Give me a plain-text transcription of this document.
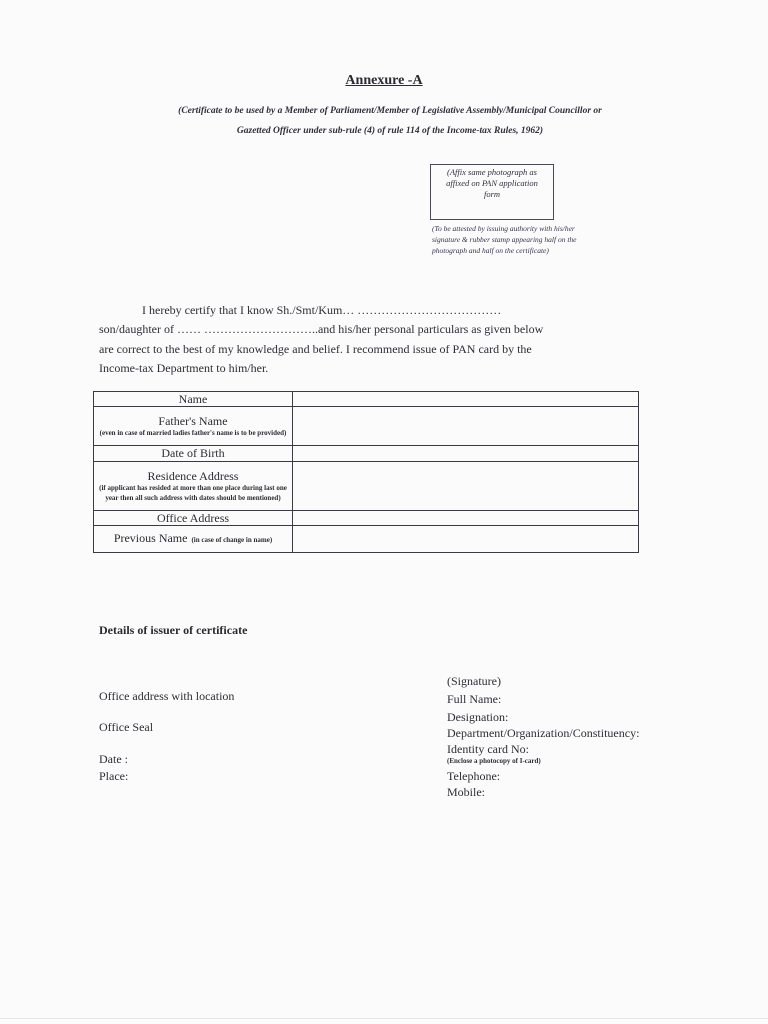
Annexure -A
(Certificate to be used by a Member of Parliament/Member of Legislative Assembly/Municipal Councillor or
Gazetted Officer under sub-rule (4) of rule 114 of the Income-tax Rules, 1962)
(Affix same photograph as
affixed on PAN application
form
(To be attested by issuing authority with his/her
signature & rubber stamp appearing half on the
photograph and half on the certificate)
I hereby certify that I know Sh./Smt/Kum… ………………………………
son/daughter of …… ………………………..and his/her personal particulars as given below
are correct to the best of my knowledge and belief. I recommend issue of PAN card by the
Income-tax Department to him/her.
Name	

Father's Name
(even in case of married ladies father's name is to be provided)	

Date of Birth	

Residence Address
(if applicant has resided at more than one place during last one year then all such address with dates should be mentioned)	

Office Address	

Previous Name (in case of change in name)	
Details of issuer of certificate
Office address with location
Office Seal
Date :
Place:
(Signature)
Full Name:
Designation:
Department/Organization/Constituency:
Identity card No:
(Enclose a photocopy of I-card)
Telephone:
Mobile:
